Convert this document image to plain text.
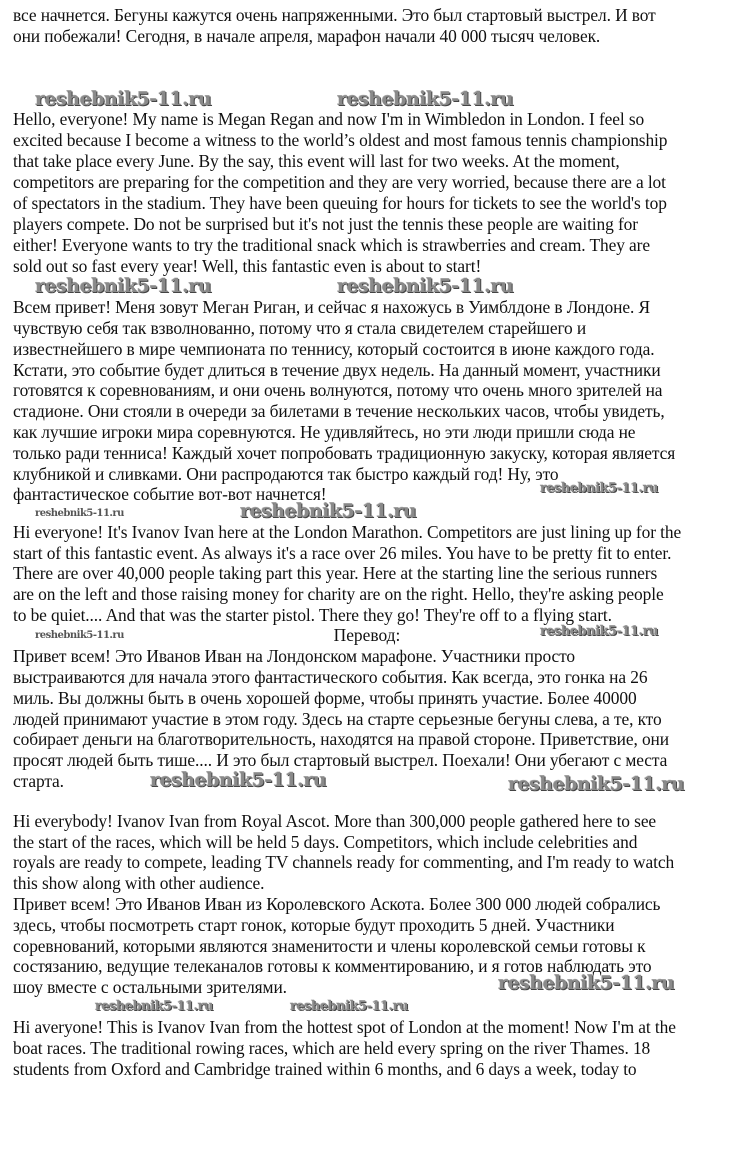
все начнется. Бегуны кажутся очень напряженными. Это был стартовый выстрел. И вот
они побежали! Сегодня, в начале апреля, марафон начали 40 000 тысяч человек.
Hello, everyone! My name is Megan Regan and now I'm in Wimbledon in London. I feel so
excited because I become a witness to the world’s oldest and most famous tennis championship
that take place every June. By the say, this event will last for two weeks. At the moment,
competitors are preparing for the competition and they are very worried, because there are a lot
of spectators in the stadium. They have been queuing for hours for tickets to see the world's top
players compete. Do not be surprised but it's not just the tennis these people are waiting for
either! Everyone wants to try the traditional snack which is strawberries and cream. They are
sold out so fast every year! Well, this fantastic even is about to start!
Всем привет! Меня зовут Меган Риган, и сейчас я нахожусь в Уимблдоне в Лондоне. Я
чувствую себя так взволнованно, потому что я стала свидетелем старейшего и
известнейшего в мире чемпионата по теннису, который состоится в июне каждого года.
Кстати, это событие будет длиться в течение двух недель. На данный момент, участники
готовятся к соревнованиям, и они очень волнуются, потому что очень много зрителей на
стадионе. Они стояли в очереди за билетами в течение нескольких часов, чтобы увидеть,
как лучшие игроки мира соревнуются. Не удивляйтесь, но эти люди пришли сюда не
только ради тенниса! Каждый хочет попробовать традиционную закуску, которая является
клубникой и сливками. Они распродаются так быстро каждый год! Ну, это
фантастическое событие вот-вот начнется!
Hi everyone! It's Ivanov Ivan here at the London Marathon. Competitors are just lining up for the
start of this fantastic event. As always it's a race over 26 miles. You have to be pretty fit to enter.
There are over 40,000 people taking part this year. Here at the starting line the serious runners
are on the left and those raising money for charity are on the right. Hello, they're asking people
to be quiet.... And that was the starter pistol. There they go! They're off to a flying start.
Привет всем! Это Иванов Иван на Лондонском марафоне. Участники просто
выстраиваются для начала этого фантастического события. Как всегда, это гонка на 26
миль. Вы должны быть в очень хорошей форме, чтобы принять участие. Более 40000
людей принимают участие в этом году. Здесь на старте серьезные бегуны слева, а те, кто
собирает деньги на благотворительность, находятся на правой стороне. Приветствие, они
просят людей быть тише.... И это был стартовый выстрел. Поехали! Они убегают с места
старта.
Hi everybody! Ivanov Ivan from Royal Ascot. More than 300,000 people gathered here to see
the start of the races, which will be held 5 days. Competitors, which include celebrities and
royals are ready to compete, leading TV channels ready for commenting, and I'm ready to watch
this show along with other audience.
Привет всем! Это Иванов Иван из Королевского Аскота. Более 300 000 людей собрались
здесь, чтобы посмотреть старт гонок, которые будут проходить 5 дней. Участники
соревнований, которыми являются знаменитости и члены королевской семьи готовы к
состязанию, ведущие телеканалов готовы к комментированию, и я готов наблюдать это
шоу вместе с остальными зрителями.
Hi averyone! This is Ivanov Ivan from the hottest spot of London at the moment! Now I'm at the
boat races. The traditional rowing races, which are held every spring on the river Thames. 18
students from Oxford and Cambridge trained within 6 months, and 6 days a week, today to
Перевод:
reshebnik5-11.ru	reshebnik5-11.ru
reshebnik5-11.ru	reshebnik5-11.ru
reshebnik5-11.ru
reshebnik5-11.ru
reshebnik5-11.ru
reshebnik5-11.ru	reshebnik5-11.ru
reshebnik5-11.ru	reshebnik5-11.ru
reshebnik5-11.ru
reshebnik5-11.ru	reshebnik5-11.ru
